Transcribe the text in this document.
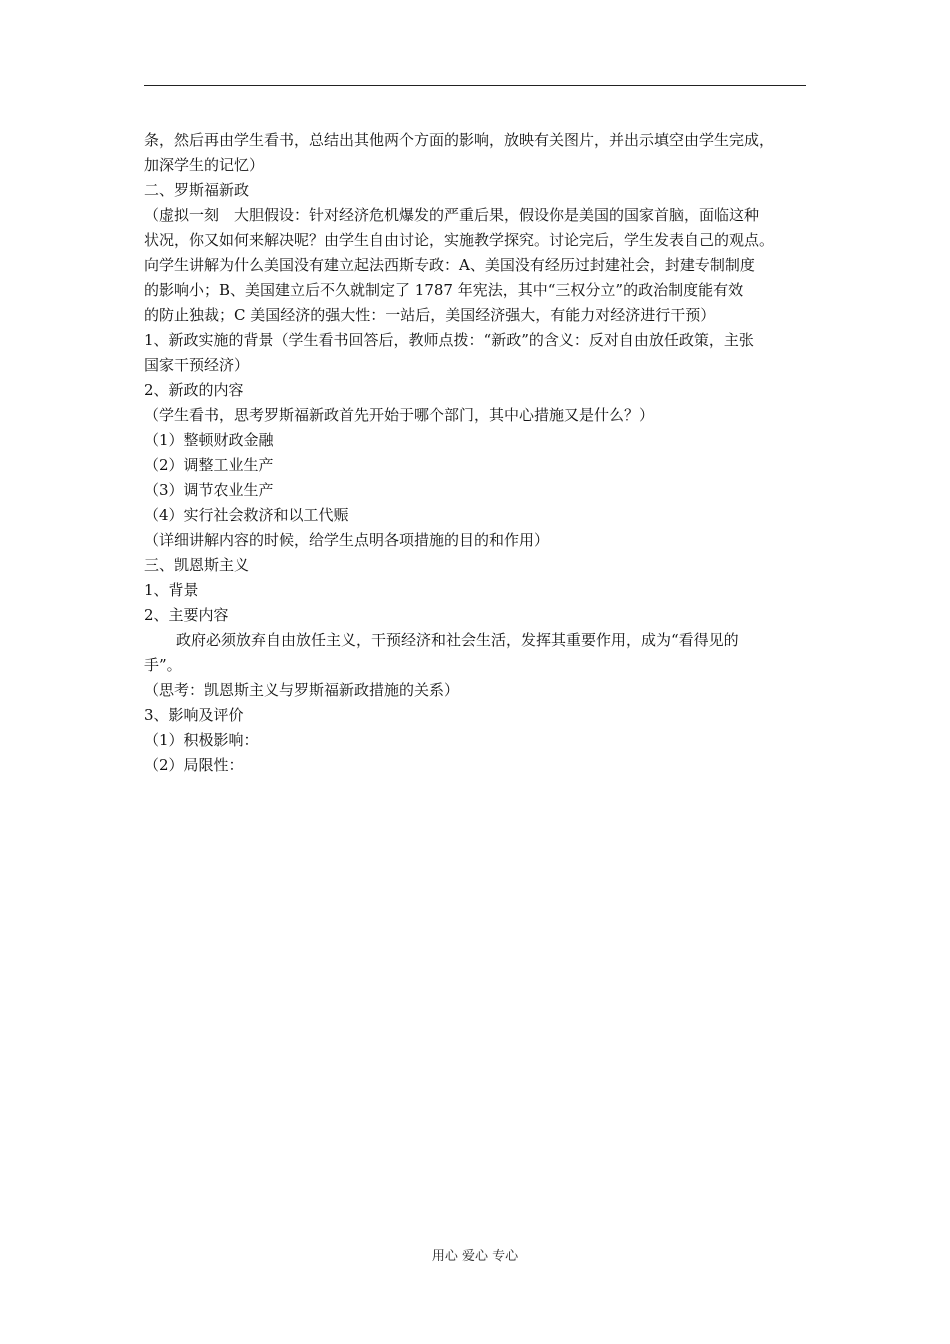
条，然后再由学生看书，总结出其他两个方面的影响，放映有关图片，并出示填空由学生完成，
加深学生的记忆）
二、罗斯福新政
（虚拟一刻　大胆假设：针对经济危机爆发的严重后果，假设你是美国的国家首脑，面临这种
状况，你又如何来解决呢？由学生自由讨论，实施教学探究。讨论完后，学生发表自己的观点。
向学生讲解为什么美国没有建立起法西斯专政：A、美国没有经历过封建社会，封建专制制度
的影响小；B、美国建立后不久就制定了 1787 年宪法，其中“三权分立”的政治制度能有效
的防止独裁；C 美国经济的强大性：一站后，美国经济强大，有能力对经济进行干预）
1、新政实施的背景（学生看书回答后，教师点拨：“新政”的含义：反对自由放任政策，主张
国家干预经济）
2、新政的内容
（学生看书，思考罗斯福新政首先开始于哪个部门，其中心措施又是什么？）
（1）整顿财政金融
（2）调整工业生产
（3）调节农业生产
（4）实行社会救济和以工代赈
（详细讲解内容的时候，给学生点明各项措施的目的和作用）
三、凯恩斯主义
1、背景
2、主要内容
政府必须放弃自由放任主义，干预经济和社会生活，发挥其重要作用，成为“看得见的
手”。
（思考：凯恩斯主义与罗斯福新政措施的关系）
3、影响及评价
（1）积极影响：
（2）局限性：
用心 爱心 专心
